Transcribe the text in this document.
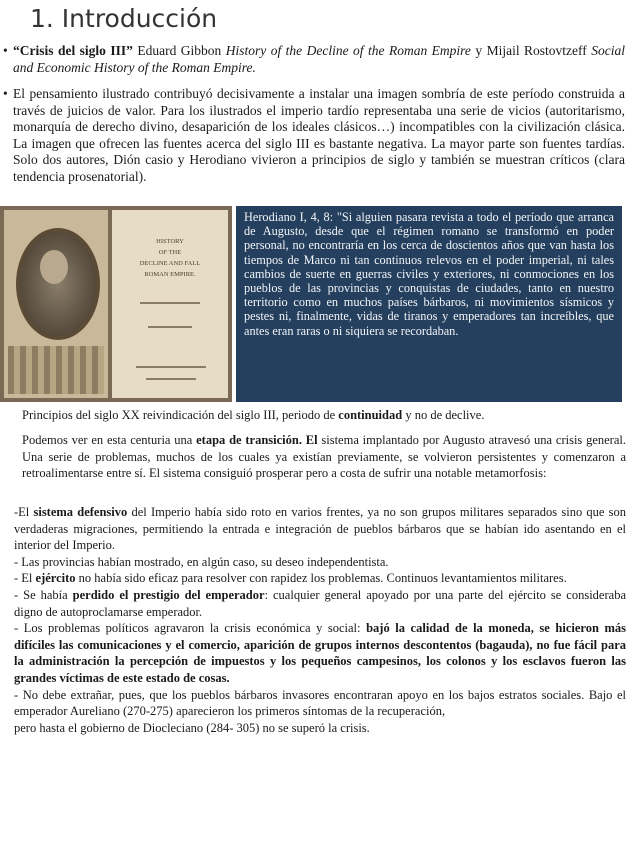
1. Introducción
• “Crisis del siglo III” Eduard Gibbon History of the Decline of the Roman Empire y Mijail Rostovtzeff Social and Economic History of the Roman Empire.
• El pensamiento ilustrado contribuyó decisivamente a instalar una imagen sombría de este período construida a través de juicios de valor. Para los ilustrados el imperio tardío representaba una serie de vicios (autoritarismo, monarquía de derecho divino, desaparición de los ideales clásicos…) incompatibles con la civilización clásica. La imagen que ofrecen las fuentes acerca del siglo III es bastante negativa. La mayor parte son fuentes tardías. Solo dos autores, Dión casio y Herodiano vivieron a principios de siglo y también se muestran críticos (clara tendencia prosenatorial).
HISTORY
OF THE
DECLINE AND FALL
ROMAN EMPIRE.
Herodiano I, 4, 8: "Si alguien pasara revista a todo el período que arranca de Augusto, desde que el régimen romano se transformó en poder personal, no encontraría en los cerca de doscientos años que van hasta los tiempos de Marco ni tan continuos relevos en el poder imperial, ni tales cambios de suerte en guerras civiles y exteriores, ni conmociones en los pueblos de las provincias y conquistas de ciudades, tanto en nuestro territorio como en muchos países bárbaros, ni movimientos sísmicos y pestes ni, finalmente, vidas de tiranos y emperadores tan increíbles, que antes eran raras o ni siquiera se recordaban.
Principios del siglo XX reivindicación del siglo III, periodo de continuidad y no de declive.
Podemos ver en esta centuria una etapa de transición. El sistema implantado por Augusto atravesó una crisis general. Una serie de problemas, muchos de los cuales ya existían previamente, se volvieron persistentes y comenzaron a retroalimentarse entre sí. El sistema consiguió prosperar pero a costa de sufrir una notable metamorfosis:
-El sistema defensivo del Imperio había sido roto en varios frentes, ya no son grupos militares separados sino que son verdaderas migraciones, permitiendo la entrada e integración de pueblos bárbaros que se habían ido asentando en el interior del Imperio.
- Las provincias habían mostrado, en algún caso, su deseo independentista.
- El ejército no había sido eficaz para resolver con rapidez los problemas. Continuos levantamientos militares.
- Se había perdido el prestigio del emperador: cualquier general apoyado por una parte del ejército se consideraba digno de autoproclamarse emperador.
- Los problemas políticos agravaron la crisis económica y social: bajó la calidad de la moneda, se hicieron más difíciles las comunicaciones y el comercio, aparición de grupos internos descontentos (bagauda), no fue fácil para la administración la percepción de impuestos y los pequeños campesinos, los colonos y los esclavos fueron las grandes víctimas de este estado de cosas.
- No debe extrañar, pues, que los pueblos bárbaros invasores encontraran apoyo en los bajos estratos sociales. Bajo el emperador Aureliano (270-275) aparecieron los primeros síntomas de la recuperación,
pero hasta el gobierno de Diocleciano (284- 305) no se superó la crisis.
